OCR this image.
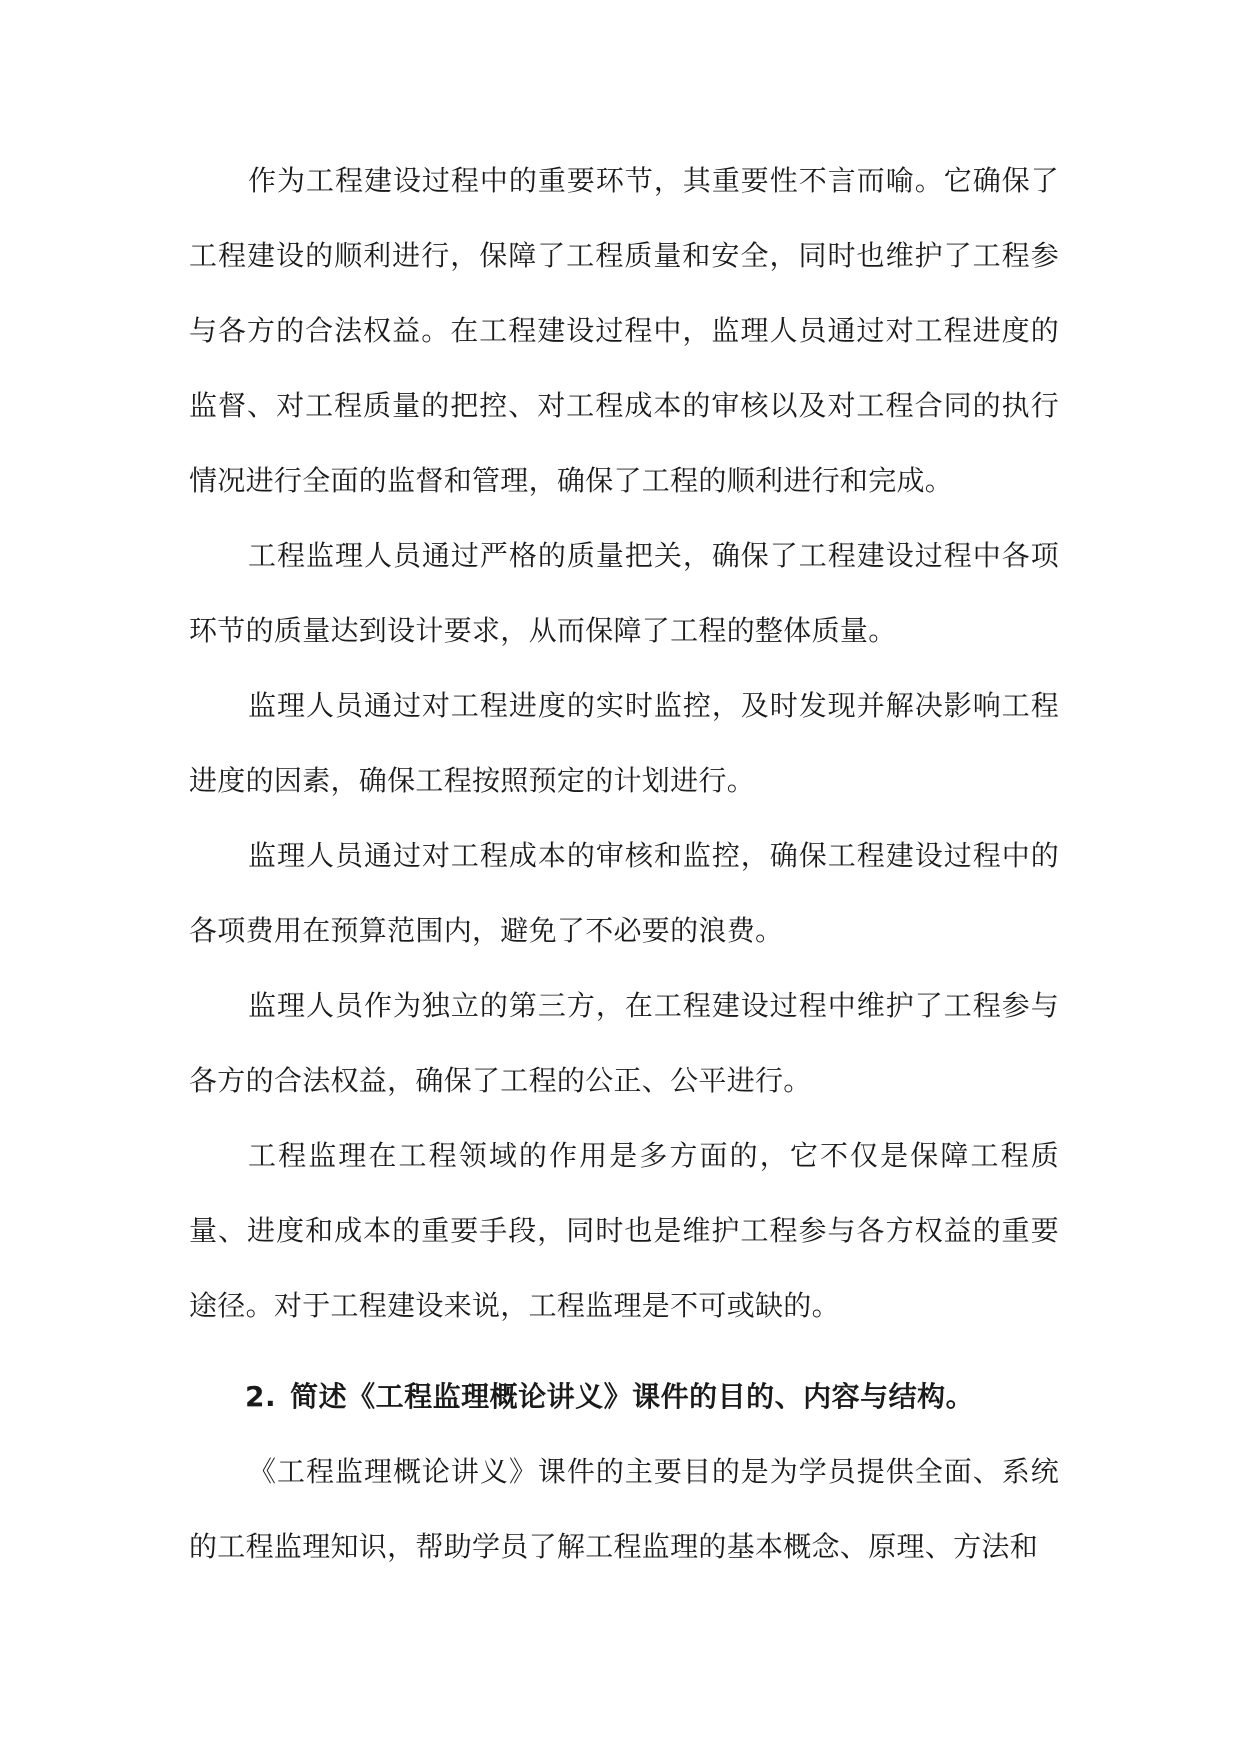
作为工程建设过程中的重要环节，其重要性不言而喻。它确保了工程建设的顺利进行，保障了工程质量和安全，同时也维护了工程参与各方的合法权益。在工程建设过程中，监理人员通过对工程进度的监督、对工程质量的把控、对工程成本的审核以及对工程合同的执行情况进行全面的监督和管理，确保了工程的顺利进行和完成。

工程监理人员通过严格的质量把关，确保了工程建设过程中各项环节的质量达到设计要求，从而保障了工程的整体质量。

监理人员通过对工程进度的实时监控，及时发现并解决影响工程进度的因素，确保工程按照预定的计划进行。

监理人员通过对工程成本的审核和监控，确保工程建设过程中的各项费用在预算范围内，避免了不必要的浪费。

监理人员作为独立的第三方，在工程建设过程中维护了工程参与各方的合法权益，确保了工程的公正、公平进行。

工程监理在工程领域的作用是多方面的，它不仅是保障工程质量、进度和成本的重要手段，同时也是维护工程参与各方权益的重要途径。对于工程建设来说，工程监理是不可或缺的。

2. 简述《工程监理概论讲义》课件的目的、内容与结构。

《工程监理概论讲义》课件的主要目的是为学员提供全面、系统的工程监理知识，帮助学员了解工程监理的基本概念、原理、方法和
